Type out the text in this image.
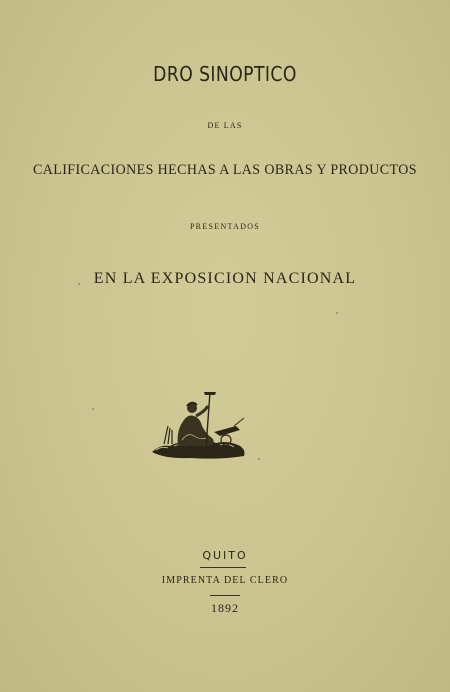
DRO SINOPTICO
DE LAS
CALIFICACIONES HECHAS A LAS OBRAS Y PRODUCTOS
PRESENTADOS
EN LA EXPOSICION NACIONAL
QUITO
IMPRENTA DEL CLERO
1892
